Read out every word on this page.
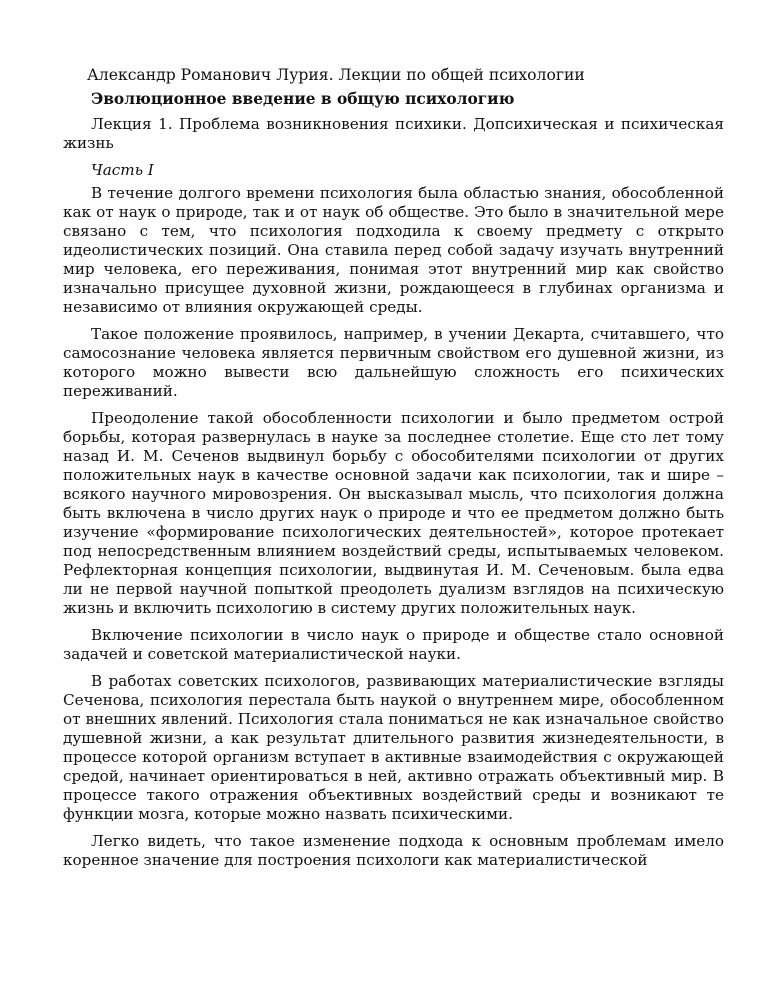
Александр Романович Лурия. Лекции по общей психологии
Эволюционное введение в общую психологию

Лекция 1. Проблема возникновения психики. Допсихическая и психическая жизнь

Часть I

В течение долгого времени психология была областью знания, обособленной как от наук о природе, так и от наук об обществе. Это было в значительной мере связано с тем, что психология подходила к своему предмету с открыто идеолистических позиций. Она ставила перед собой задачу изучать внутренний мир человека, его переживания, понимая этот внутренний мир как свойство изначально присущее духовной жизни, рождающееся в глубинах организма и независимо от влияния окружающей среды.

Такое положение проявилось, например, в учении Декарта, считавшего, что самосознание человека является первичным свойством его душевной жизни, из которого можно вывести всю дальнейшую сложность его психических переживаний.

Преодоление такой обособленности психологии и было предметом острой борьбы, которая развернулась в науке за последнее столетие. Еще сто лет тому назад И. М. Сеченов выдвинул борьбу с обособителями психологии от других положительных наук в качестве основной задачи как психологии, так и шире – всякого научного мировозрения. Он высказывал мысль, что психология должна быть включена в число других наук о природе и что ее предметом должно быть изучение «формирование психологических деятельностей», которое протекает под непосредственным влиянием воздействий среды, испытываемых человеком. Рефлекторная концепция психологии, выдвинутая И. М. Сеченовым. была едва ли не первой научной попыткой преодолеть дуализм взглядов на психическую жизнь и включить психологию в систему других положительных наук.

Включение психологии в число наук о природе и обществе стало основной задачей и советской материалистической науки.

В работах советских психологов, развивающих материалистические взгляды Сеченова, психология перестала быть наукой о внутреннем мире, обособленном от внешних явлений. Психология стала пониматься не как изначальное свойство душевной жизни, а как результат длительного развития жизнедеятельности, в процессе которой организм вступает в активные взаимодействия с окружающей средой, начинает ориентироваться в ней, активно отражать объективный мир. В процессе такого отражения объективных воздействий среды и возникают те функции мозга, которые можно назвать психическими.

Легко видеть, что такое изменение подхода к основным проблемам имело коренное значение для построения психологи как материалистической
